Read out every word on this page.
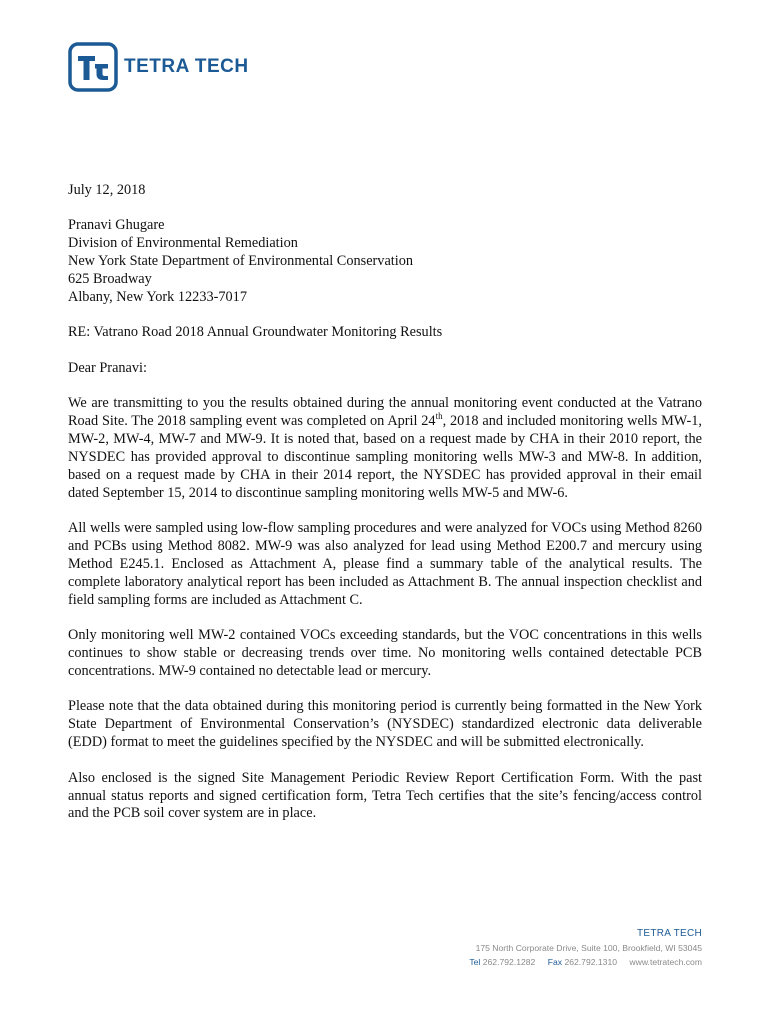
TETRA TECH

July 12, 2018

Pranavi Ghugare
Division of Environmental Remediation
New York State Department of Environmental Conservation
625 Broadway
Albany, New York 12233-7017

RE: Vatrano Road 2018 Annual Groundwater Monitoring Results

Dear Pranavi:

We are transmitting to you the results obtained during the annual monitoring event conducted at the Vatrano Road Site. The 2018 sampling event was completed on April 24th, 2018 and included monitoring wells MW-1, MW-2, MW-4, MW-7 and MW-9. It is noted that, based on a request made by CHA in their 2010 report, the NYSDEC has provided approval to discontinue sampling monitoring wells MW-3 and MW-8. In addition, based on a request made by CHA in their 2014 report, the NYSDEC has provided approval in their email dated September 15, 2014 to discontinue sampling monitoring wells MW-5 and MW-6.

All wells were sampled using low-flow sampling procedures and were analyzed for VOCs using Method 8260 and PCBs using Method 8082. MW-9 was also analyzed for lead using Method E200.7 and mercury using Method E245.1. Enclosed as Attachment A, please find a summary table of the analytical results. The complete laboratory analytical report has been included as Attachment B. The annual inspection checklist and field sampling forms are included as Attachment C.

Only monitoring well MW-2 contained VOCs exceeding standards, but the VOC concentrations in this wells continues to show stable or decreasing trends over time. No monitoring wells contained detectable PCB concentrations. MW-9 contained no detectable lead or mercury.

Please note that the data obtained during this monitoring period is currently being formatted in the New York State Department of Environmental Conservation’s (NYSDEC) standardized electronic data deliverable (EDD) format to meet the guidelines specified by the NYSDEC and will be submitted electronically.

Also enclosed is the signed Site Management Periodic Review Report Certification Form. With the past annual status reports and signed certification form, Tetra Tech certifies that the site’s fencing/access control and the PCB soil cover system are in place.

TETRA TECH
175 North Corporate Drive, Suite 100, Brookfield, WI 53045
Tel 262.792.1282 Fax 262.792.1310 www.tetratech.com
